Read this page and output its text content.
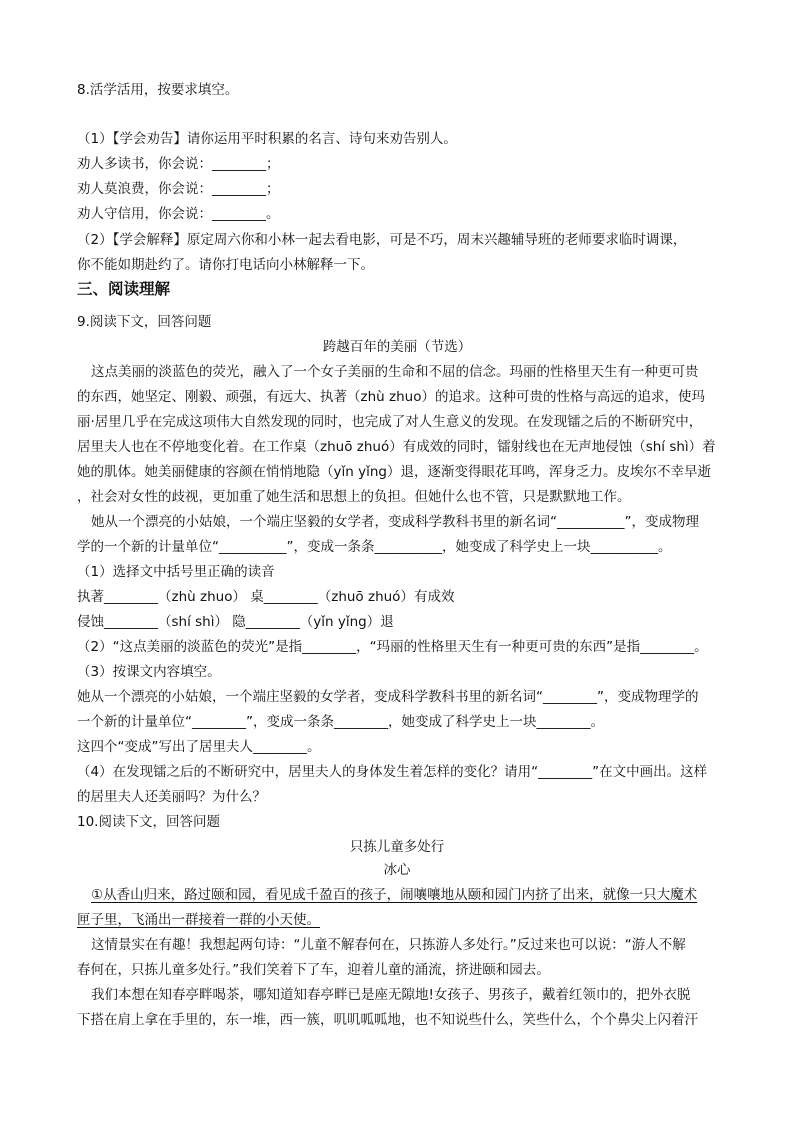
8.活学活用，按要求填空。
（1）【学会劝告】请你运用平时积累的名言、诗句来劝告别人。
劝人多读书，你会说：________；
劝人莫浪费，你会说：________；
劝人守信用，你会说：________。
（2）【学会解释】原定周六你和小林一起去看电影，可是不巧，周末兴趣辅导班的老师要求临时调课，
你不能如期赴约了。请你打电话向小林解释一下。
三、阅读理解
9.阅读下文，回答问题
跨越百年的美丽（节选）
这点美丽的淡蓝色的荧光，融入了一个女子美丽的生命和不屈的信念。玛丽的性格里天生有一种更可贵
的东西，她坚定、刚毅、顽强，有远大、执著（zhù zhuo）的追求。这种可贵的性格与高远的追求，使玛
丽·居里几乎在完成这项伟大自然发现的同时，也完成了对人生意义的发现。在发现镭之后的不断研究中，
居里夫人也在不停地变化着。在工作桌（zhuō zhuó）有成效的同时，镭射线也在无声地侵蚀（shí shì）着
她的肌体。她美丽健康的容颜在悄悄地隐（yǐn yǐng）退，逐渐变得眼花耳鸣，浑身乏力。皮埃尔不幸早逝
，社会对女性的歧视，更加重了她生活和思想上的负担。但她什么也不管，只是默默地工作。
她从一个漂亮的小姑娘，一个端庄坚毅的女学者，变成科学教科书里的新名词“__________”，变成物理
学的一个新的计量单位“__________”，变成一条条__________，她变成了科学史上一块__________。
（1）选择文中括号里正确的读音
执著________（zhù zhuo） 桌________（zhuō zhuó）有成效
侵蚀________（shí shì） 隐________（yǐn yǐng）退
（2）“这点美丽的淡蓝色的荧光”是指________，“玛丽的性格里天生有一种更可贵的东西”是指________。
（3）按课文内容填空。
她从一个漂亮的小姑娘，一个端庄坚毅的女学者，变成科学教科书里的新名词“________”，变成物理学的
一个新的计量单位“________”，变成一条条________，她变成了科学史上一块________。
这四个“变成”写出了居里夫人________。
（4）在发现镭之后的不断研究中，居里夫人的身体发生着怎样的变化？请用“________”在文中画出。这样
的居里夫人还美丽吗？为什么？
10.阅读下文，回答问题
只拣儿童多处行
冰心
①从香山归来，路过颐和园，看见成千盈百的孩子，闹嚷嚷地从颐和园门内挤了出来，就像一只大魔术
匣子里，飞涌出一群接着一群的小天使。
这情景实在有趣！我想起两句诗：“儿童不解春何在，只拣游人多处行。”反过来也可以说：“游人不解
春何在，只拣儿童多处行。”我们笑着下了车，迎着儿童的涌流，挤进颐和园去。
我们本想在知春亭畔喝茶，哪知道知春亭畔已是座无隙地!女孩子、男孩子，戴着红领巾的，把外衣脱
下搭在肩上拿在手里的，东一堆，西一簇，叽叽呱呱地，也不知说些什么，笑些什么，个个鼻尖上闪着汗
